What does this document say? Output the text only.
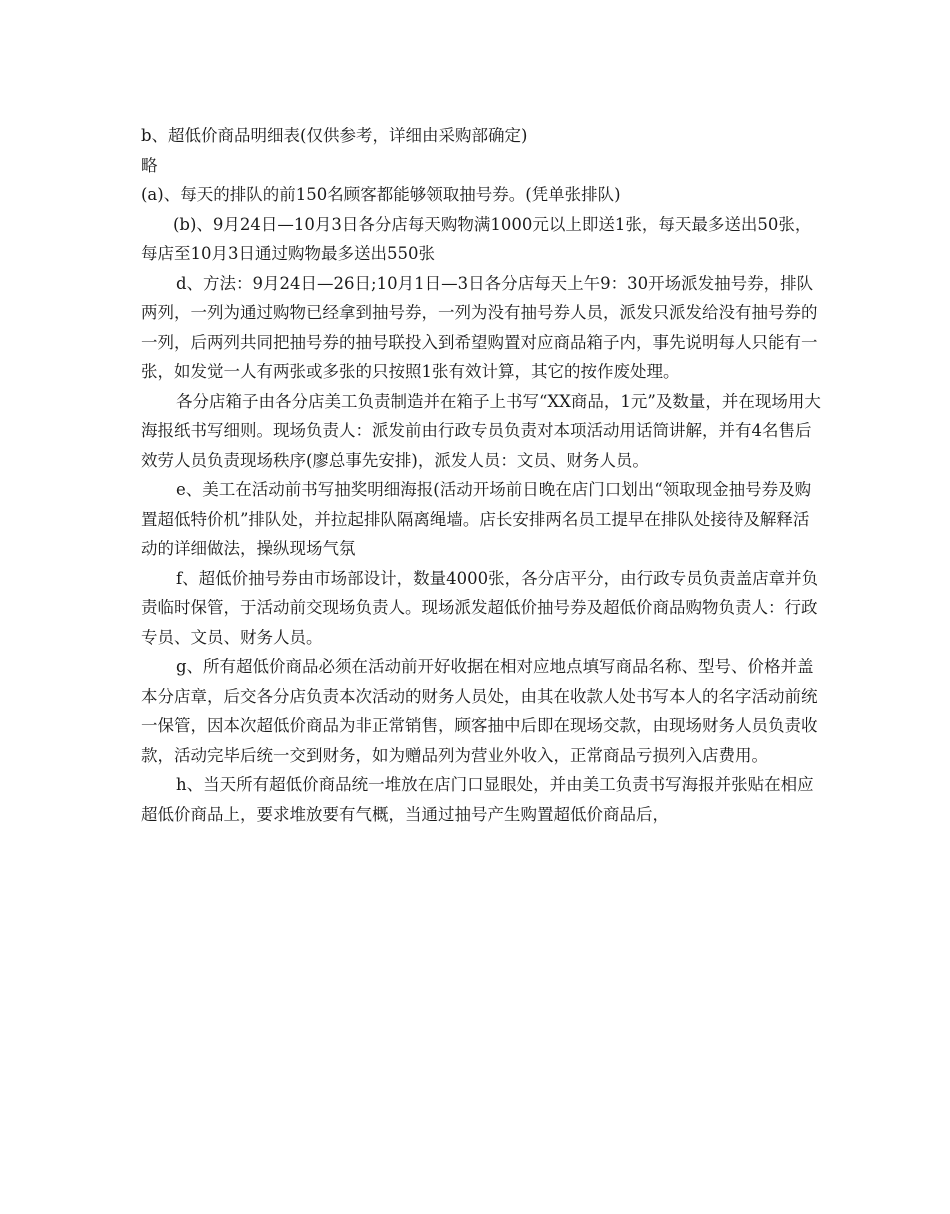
b、超低价商品明细表(仅供参考，详细由采购部确定)

略

(a)、每天的排队的前150名顾客都能够领取抽号券。(凭单张排队)

(b)、9月24日—10月3日各分店每天购物满1000元以上即送1张，每天最多送出50张，每店至10月3日通过购物最多送出550张

d、方法：9月24日—26日;10月1日—3日各分店每天上午9：30开场派发抽号券，排队两列，一列为通过购物已经拿到抽号券，一列为没有抽号券人员，派发只派发给没有抽号券的一列，后两列共同把抽号券的抽号联投入到希望购置对应商品箱子内，事先说明每人只能有一张，如发觉一人有两张或多张的只按照1张有效计算，其它的按作废处理。

各分店箱子由各分店美工负责制造并在箱子上书写“XX商品，1元”及数量，并在现场用大海报纸书写细则。现场负责人：派发前由行政专员负责对本项活动用话筒讲解，并有4名售后效劳人员负责现场秩序(廖总事先安排)，派发人员：文员、财务人员。

e、美工在活动前书写抽奖明细海报(活动开场前日晚在店门口划出“领取现金抽号券及购置超低特价机”排队处，并拉起排队隔离绳墙。店长安排两名员工提早在排队处接待及解释活动的详细做法，操纵现场气氛

f、超低价抽号券由市场部设计，数量4000张，各分店平分，由行政专员负责盖店章并负责临时保管，于活动前交现场负责人。现场派发超低价抽号券及超低价商品购物负责人：行政专员、文员、财务人员。

g、所有超低价商品必须在活动前开好收据在相对应地点填写商品名称、型号、价格并盖本分店章，后交各分店负责本次活动的财务人员处，由其在收款人处书写本人的名字活动前统一保管，因本次超低价商品为非正常销售，顾客抽中后即在现场交款，由现场财务人员负责收款，活动完毕后统一交到财务，如为赠品列为营业外收入，正常商品亏损列入店费用。

h、当天所有超低价商品统一堆放在店门口显眼处，并由美工负责书写海报并张贴在相应超低价商品上，要求堆放要有气概，当通过抽号产生购置超低价商品后，
